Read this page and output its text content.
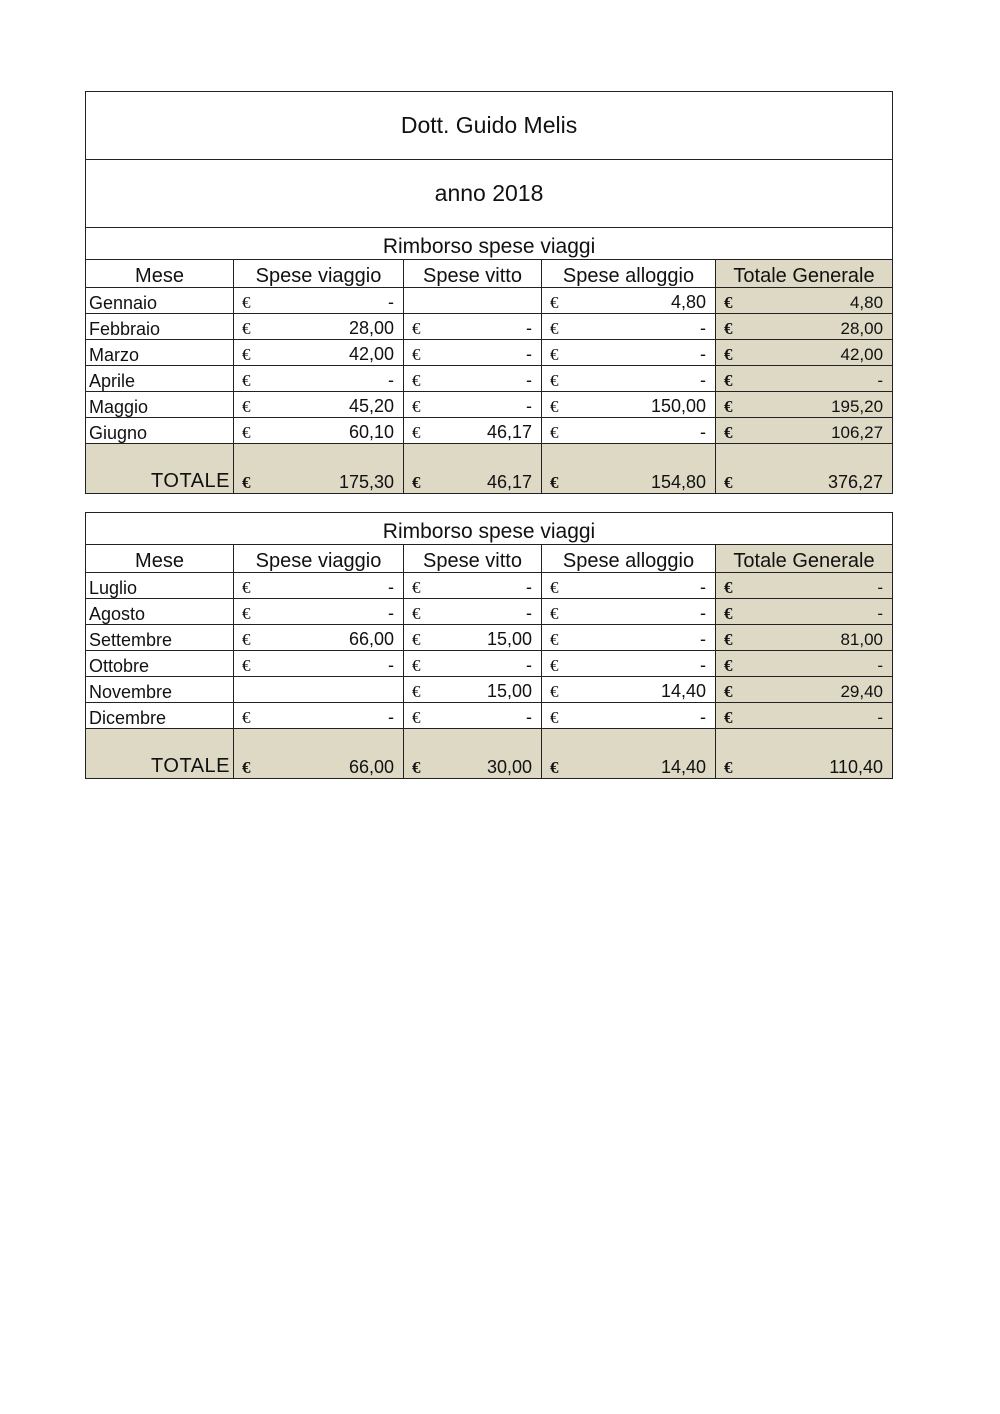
Dott. Guido Melis				
anno 2018				
Rimborso spese viaggi				
Mese	Spese viaggio	Spese vitto	Spese alloggio	Totale Generale
Gennaio	€ -		€ 4,80	€ 4,80

Febbraio	€ 28,00	€ -	€ -	€ 28,00

Marzo	€ 42,00	€ -	€ -	€ 42,00

Aprile	€ -	€ -	€ -	€ -

Maggio	€ 45,20	€ -	€ 150,00	€ 195,20

Giugno	€ 60,10	€ 46,17	€ -	€ 106,27

TOTALE	€ 175,30	€ 46,17	€ 154,80	€ 376,27
Rimborso spese viaggi				
Mese	Spese viaggio	Spese vitto	Spese alloggio	Totale Generale
Luglio	€ -	€ -	€ -	€ -

Agosto	€ -	€ -	€ -	€ -

Settembre	€ 66,00	€ 15,00	€ -	€ 81,00

Ottobre	€ -	€ -	€ -	€ -

Novembre		€ 15,00	€ 14,40	€ 29,40

Dicembre	€ -	€ -	€ -	€ -

TOTALE	€ 66,00	€ 30,00	€ 14,40	€ 110,40
